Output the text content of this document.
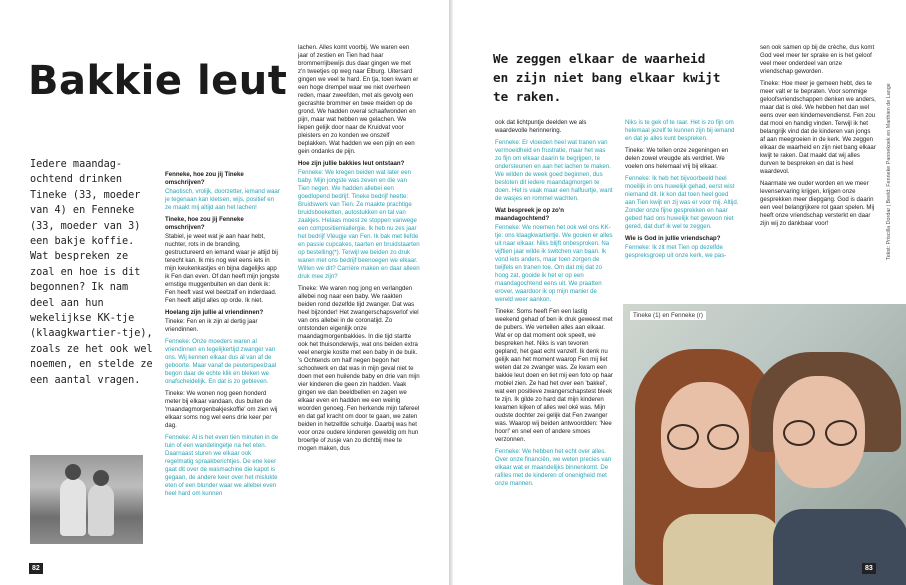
Bakkie leut

Iedere maandag-ochtend drinken Tineke (33, moeder van 4) en Fenneke (33, moeder van 3) een bakje koffie. Wat bespreken ze zoal en hoe is dit begonnen? Ik nam deel aan hun wekelijkse KK-tje (klaagkwartier-tje), zoals ze het ook wel noemen, en stelde ze een aantal vragen.

Fenneke, hoe zou jij Tineke omschrijven?

Chaotisch, vrolijk, doorzetter, iemand waar je tegenaan kan kletsen, wijs, positief en ze maakt mij altijd aan het lachen!

Tineke, hoe zou jij Fenneke omschrijven?

Stabiel, je weet wat je aan haar hebt, nuchter, rots in de branding, gestructureerd en iemand waar je altijd bij terecht kan. Ik mis nog wel eens iets in mijn keukenkastjes en bijna dagelijks app ik Fen dan even. Of dan heeft mijn jongste ernstige muggenbulten en dan denk ik: Fen heeft vast wel beetzalf en inderdaad. Fen heeft altijd alles op orde. Ik niet.

Hoelang zijn jullie al vriendinnen?

Tineke: Fen en ik zijn al dertig jaar vriendinnen.

Fenneke: Onze moeders waren al vriendinnen en tegelijkertijd zwanger van ons. Wij kennen elkaar dus al van af de geboorte. Maar vanaf de peuterspeelzaal begon daar de echte klik en bleken we onafscheidelijk. En dat is zo gebleven.

Tineke: We wonen nog geen honderd meter bij elkaar vandaan, dus buiten de 'maandagmorgenbakjeskoffie' om zien wij elkaar soms nog wel eens drie keer per dag.

Fenneke: Al is het even tien minuten in de tuin of een wandelingetje na het eten. Daarnaast sturen we elkaar ook regelmatig spraakberichtjes. De ene keer gaat dit over de wasmachine die kapot is gegaan, de andere keer over het mislukte eten of een blunder waar we allebei even heel hard om kunnen

lachen. Alles komt voorbij. We waren een jaar of zestien en Tien had haar brommerrijbewijs dus daar gingen we met z'n tweetjes op weg naar Elburg. Uitersard gingen we veel te hard. En tja, toen kwam er een hoge drempel waar we niet overheen reden, maar zweefden, met als gevolg een gecrashte brommer en twee meiden op de grond. We hadden overal schaafwonden en pijn, maar wat hebben we gelachen. We liepen gelijk door naar de Kruidvat voor pleisters en zo konden we onszelf beplakken. Wat hadden we een pijn en een gein ondanks de pijn.

Hoe zijn jullie bakkies leut ontstaan?

Fenneke: We kregen beiden wat later een baby. Mijn jongste was zeven en die van Tien negen. We hadden allebei een goedlopend bedrijf. Tineke bedrijf heette: Bruidswerk van Tien. Ze maakte prachtige bruidsboeketten, autostukken en tal van zaakjes. Helaas moest ze stoppen vanwege een compositiemiallergie. Ik heb nu zes jaar het bedrijf Vleugje van Fen. Ik bak met liefde en passie cupcakes, taarten en bruidstaarten op bestelling(*). Terwijl we beiden zo druk waren met ons bedrijf beenoegen we elkaar. Willen we dit? Carrière maken en daar alleen druk mee zijn?

Tineke: We waren nog jong en verlangden allebei nog naar een baby. We raakten beiden rond dezelfde tijd zwanger. Dat was heel bijzonder! Het zwangerschapsverlof viel van ons allebei in de coronatijd. Zo ontstonden eigenlijk onze maandagmorgenbakkies. In die tijd startte ook het thuisonderwijs, wat ons beiden extra veel energie kostte met een baby in de buik. 's Ochtends om half negen begon het schoolwerk en dat was in mijn geval niet te doen met een huilende baby en drie van mijn vier kinderen die geen zin hadden. Vaak gingen we dan beeldbellen en zagen we elkaar even en hadden we een weinig woorden genoeg. Fen herkende mijn tafereel en dat gaf kracht om door te gaan, we zaten beiden in hetzelfde schuitje. Daarbij was het voor onze oudere kinderen geweldig om hun broertje of zusje van zo dichtbij mee te mogen maken, dus

82

We zeggen elkaar de waarheid
en zijn niet bang elkaar kwijt te raken.	Tekst: Priscilla Dordar | Beeld: Fenneke Pannekoek en Marthien de Lange

ook dat lichtpuntje deelden we als waardevolle herinnering.

Fenneke: Er vloeiden heel wat tranen van vermoeidheid en frustratie, maar het was zo fijn om elkaar daarin te begrijpen, te ondersteunen en aan het lachen te maken. We wilden de week goed beginnen, dus besloten dit iedere maandagmorgen te doen. Het is vaak maar een halfuurtje, want de wasjes en rommel wachten.

Wat bespreek je op zo'n maandagochtend?

Fenneke: We noemen het ook wel ons KK-tje: ons klaagkwartiertje. We gooien er alles uit naar elkaar. Niks blijft onbesproken. Na vijftien jaar wilde ik switchen van baan. Ik vond iets anders, maar toen zorgen de twijfels en tranen toe. Om dat mij dat zo hoog zat, gooide ik het er op een maandagochtend eens uit. We praatten erover, waardoor ik op mijn manier de wereld weer aankon.

Tineke: Soms heeft Fen een lastig weekend gehad of ben ik druk geweest met de pubers. We vertellen alles aan elkaar. Wat er op dat moment ook speelt, we bespreken het. Niks is van tevoren gepland, het gaat echt vanzelf. Ik denk nu gelijk aan het moment waarop Fen mij liet weten dat ze zwanger was. Ze kwam een bakkie leut doen en liet mij een foto op haar mobiel zien. Ze had het over een 'bakkel', wat een positieve zwangerschapstest bleek te zijn. Ik gilde zo hard dat mijn kinderen kwamen kijken of alles wel oké was. Mijn oudste dochter zei gelijk dat Fen zwanger was. Waarop wij beiden antwoordden: 'Nee hoor!' en snel een of andere smoes verzonnen.

Fenneke: We hebben het echt over alles. Over onze financiën, we weten precies van elkaar wat er maandelijks binnenkomt. De rafiles met de kinderen of onenigheid met onze mannen.

Niks is te gek of te raar. Het is zo fijn om helemaal jezelf te kunnen zijn bij iemand en dat je alles kunt bespreken.

Tineke: We tellen onze zegeningen en delen zowel vreugde als verdriet. We voelen ons helemaal vrij bij elkaar.

Fenneke: Ik heb het bijvoorbeeld heel moeilijk in ons huwelijk gehad, eerst wist niemand dit. Ik kon dat toen heel goed aan Tien kwijt en zij was er voor mij. Altijd. Zonder onze fijne gesprekken en haar gebed had ons huwelijk het gewoon niet gered, dat durf ik wel te zeggen.

Wie is God in jullie vriendschap?

Fenneke: Ik zit met Tien op dezelfde gespreksgroep uit onze kerk, we pas-

sen ook samen op bij de crèche, dus komt God veel meer ter sprake en is het geloof veel meer onderdeel van onze vriendschap geworden.

Tineke: Hoe meer je gemeen hebt, des te meer valt er te bepraten. Voor sommige geloofsvriendschappen denken we anders, maar dat is oké. We hebben het dan wel eens over een kindernevendienst. Fen zou dat mooi en handig vinden. Terwijl ik het belangrijk vind dat de kinderen van jongs af aan meegroeien in de kerk. We zeggen elkaar de waarheid en zijn niet bang elkaar kwijt te raken. Dat maakt dat wij alles durven te bespreken en dat is heel waardevol.

Naarmate we ouder worden en we meer levenservaring krijgen, krijgen onze gesprekken meer diepgang. God is daarin een veel belangrijkere rol gaan spelen. Mij heeft onze vriendschap versterkt en daar zijn wij zo dankbaar voor!

Tineke (1) en Fenneke (r)
83
